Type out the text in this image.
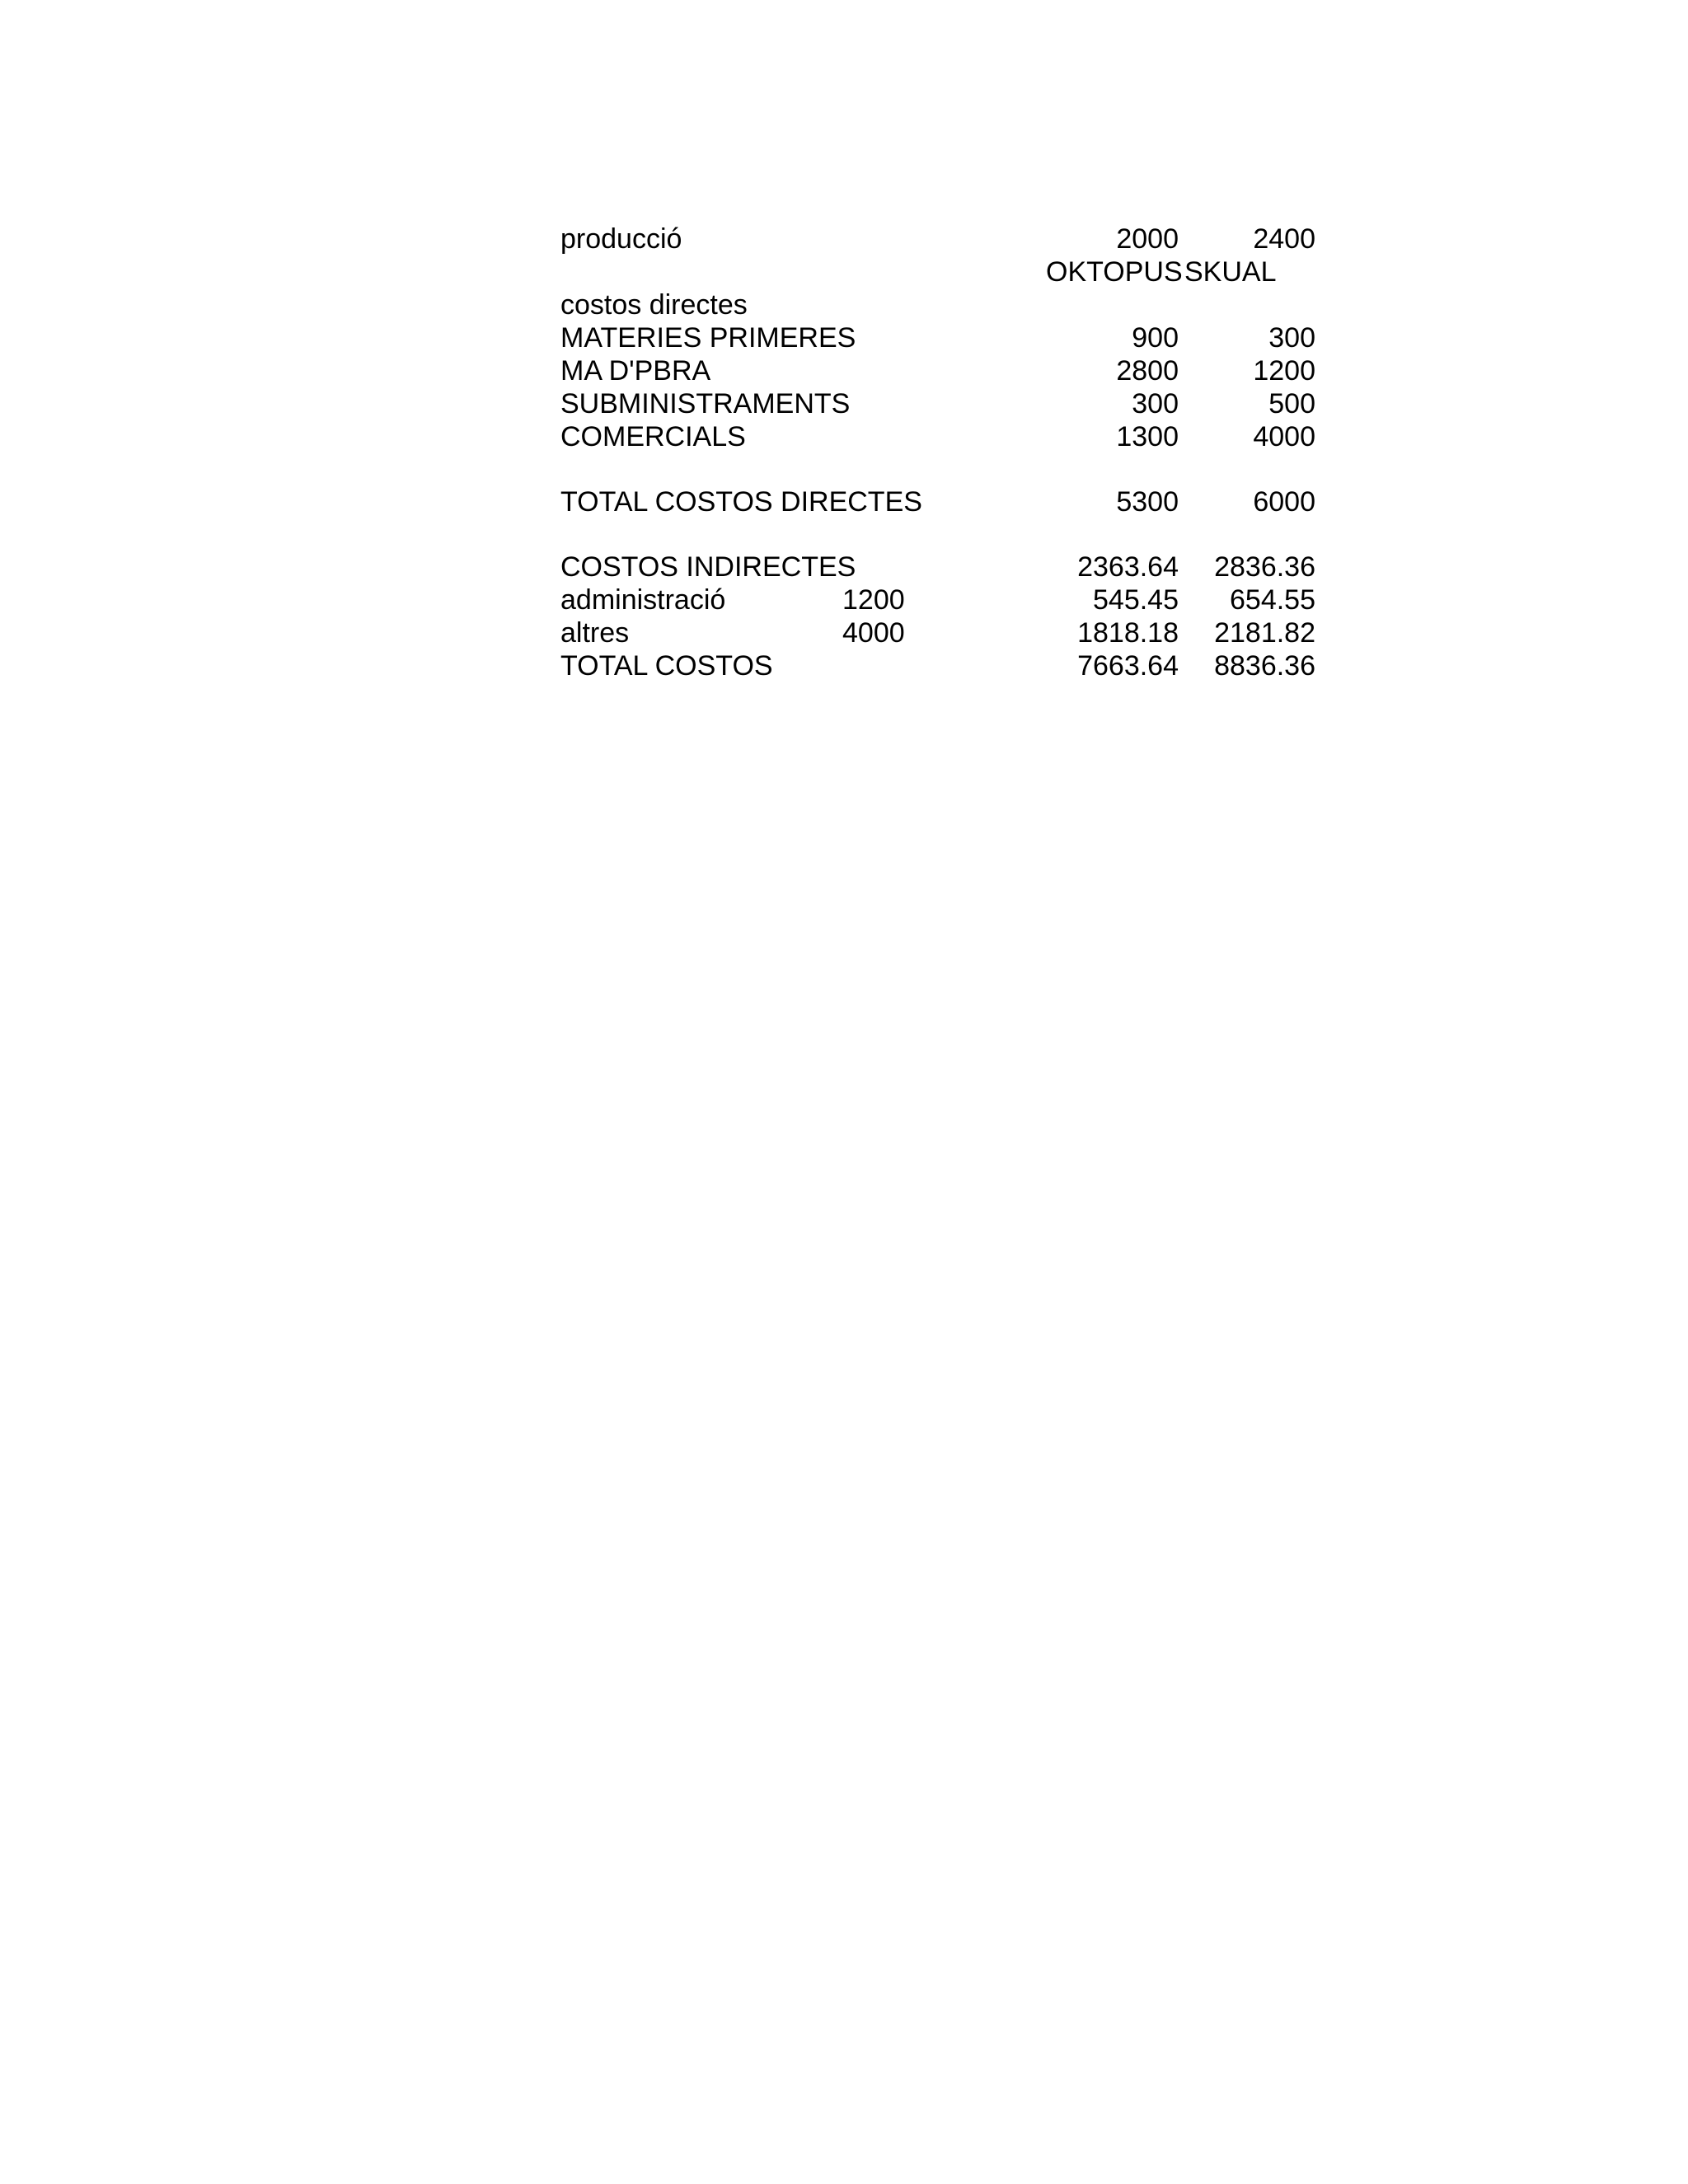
producció	2000	2400
OKTOPUS SKUAL
costos directes
MATERIES PRIMERES	900	300
MA D'PBRA	2800	1200
SUBMINISTRAMENTS	300	500
COMERCIALS	1300	4000
TOTAL COSTOS DIRECTES	5300	6000
COSTOS INDIRECTES	2363.64	2836.36
administració	1200	545.45	654.55
altres	4000	1818.18	2181.82
TOTAL COSTOS	7663.64	8836.36
